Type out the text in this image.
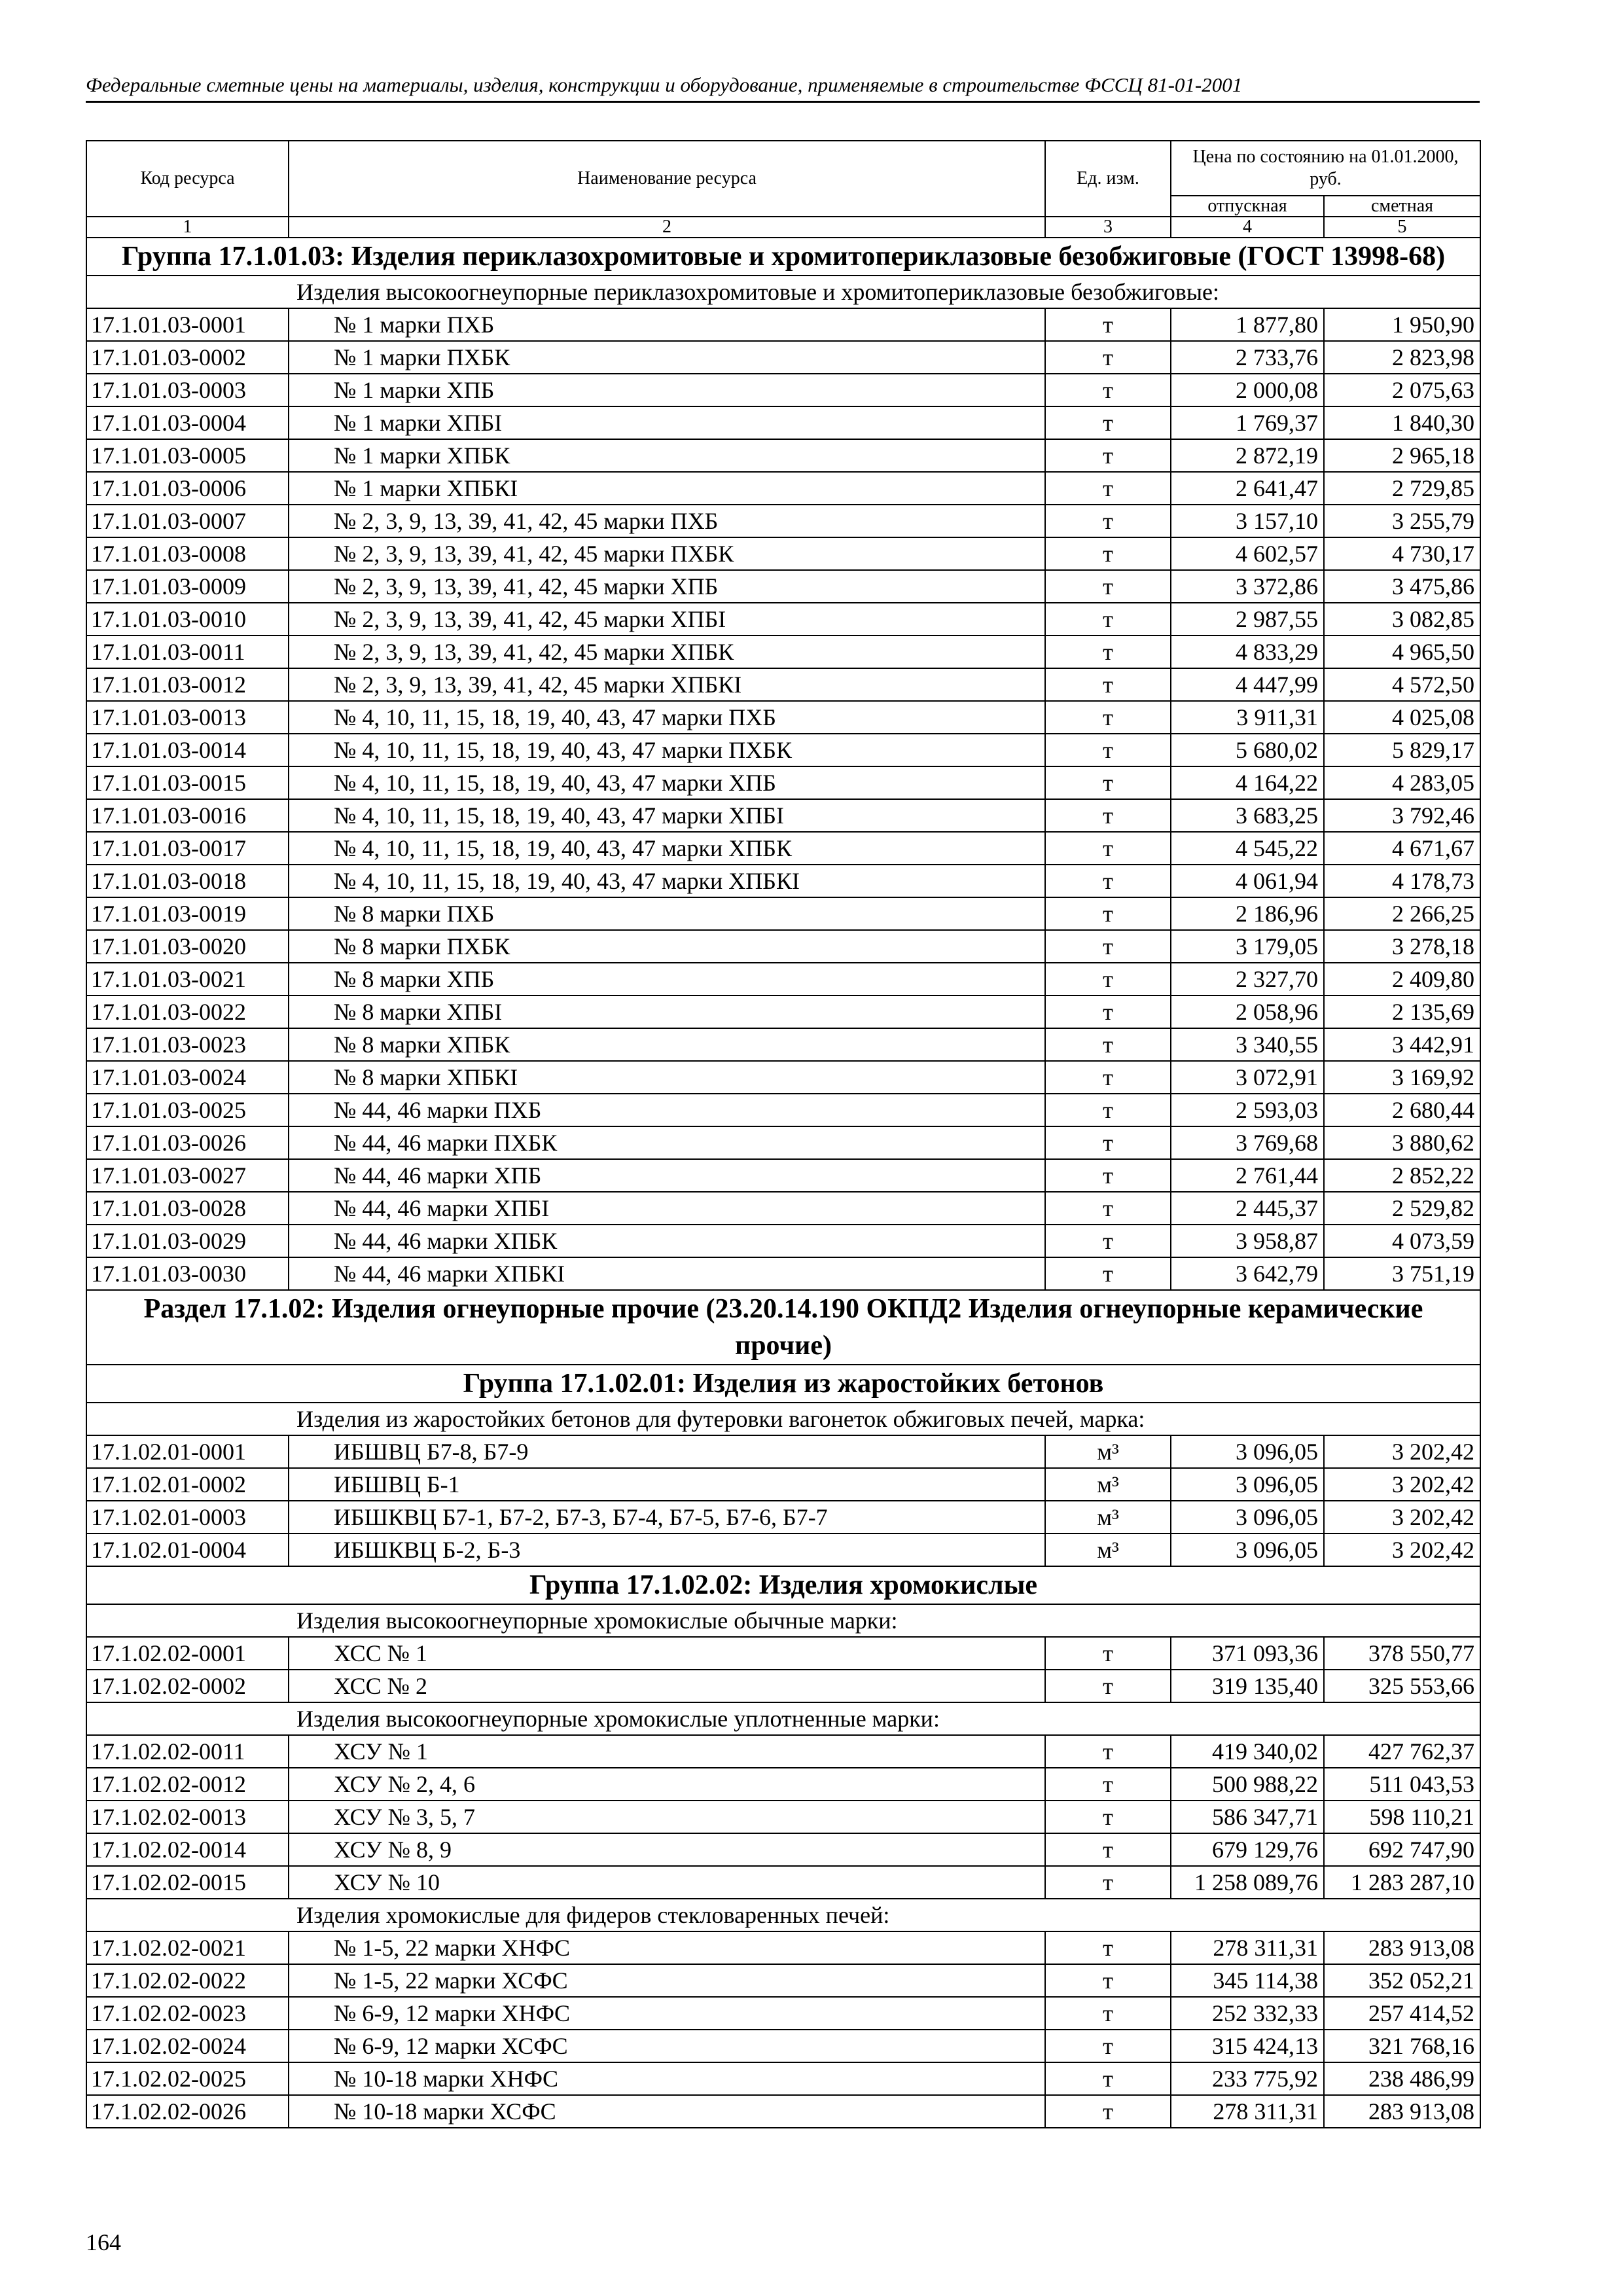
Федеральные сметные цены на материалы, изделия, конструкции и оборудование, применяемые в строительстве ФССЦ 81-01-2001
Код ресурса	Наименование ресурса	Ед. изм.	Цена по состоянию на 01.01.2000, руб.	
			отпускная	сметная
1	2	3	4	5
Группа 17.1.01.03: Изделия периклазохромитовые и хромитопериклазовые безобжиговые (ГОСТ 13998-68)				
Изделия высокоогнеупорные периклазохромитовые и хромитопериклазовые безобжиговые:				
17.1.01.03-0001	№ 1 марки ПХБ	т	1 877,80	1 950,90
17.1.01.03-0002	№ 1 марки ПХБК	т	2 733,76	2 823,98
17.1.01.03-0003	№ 1 марки ХПБ	т	2 000,08	2 075,63
17.1.01.03-0004	№ 1 марки ХПБI	т	1 769,37	1 840,30
17.1.01.03-0005	№ 1 марки ХПБК	т	2 872,19	2 965,18
17.1.01.03-0006	№ 1 марки ХПБКI	т	2 641,47	2 729,85
17.1.01.03-0007	№ 2, 3, 9, 13, 39, 41, 42, 45 марки ПХБ	т	3 157,10	3 255,79
17.1.01.03-0008	№ 2, 3, 9, 13, 39, 41, 42, 45 марки ПХБК	т	4 602,57	4 730,17
17.1.01.03-0009	№ 2, 3, 9, 13, 39, 41, 42, 45 марки ХПБ	т	3 372,86	3 475,86
17.1.01.03-0010	№ 2, 3, 9, 13, 39, 41, 42, 45 марки ХПБI	т	2 987,55	3 082,85
17.1.01.03-0011	№ 2, 3, 9, 13, 39, 41, 42, 45 марки ХПБК	т	4 833,29	4 965,50
17.1.01.03-0012	№ 2, 3, 9, 13, 39, 41, 42, 45 марки ХПБКI	т	4 447,99	4 572,50
17.1.01.03-0013	№ 4, 10, 11, 15, 18, 19, 40, 43, 47 марки ПХБ	т	3 911,31	4 025,08
17.1.01.03-0014	№ 4, 10, 11, 15, 18, 19, 40, 43, 47 марки ПХБК	т	5 680,02	5 829,17
17.1.01.03-0015	№ 4, 10, 11, 15, 18, 19, 40, 43, 47 марки ХПБ	т	4 164,22	4 283,05
17.1.01.03-0016	№ 4, 10, 11, 15, 18, 19, 40, 43, 47 марки ХПБI	т	3 683,25	3 792,46
17.1.01.03-0017	№ 4, 10, 11, 15, 18, 19, 40, 43, 47 марки ХПБК	т	4 545,22	4 671,67
17.1.01.03-0018	№ 4, 10, 11, 15, 18, 19, 40, 43, 47 марки ХПБКI	т	4 061,94	4 178,73
17.1.01.03-0019	№ 8 марки ПХБ	т	2 186,96	2 266,25
17.1.01.03-0020	№ 8 марки ПХБК	т	3 179,05	3 278,18
17.1.01.03-0021	№ 8 марки ХПБ	т	2 327,70	2 409,80
17.1.01.03-0022	№ 8 марки ХПБI	т	2 058,96	2 135,69
17.1.01.03-0023	№ 8 марки ХПБК	т	3 340,55	3 442,91
17.1.01.03-0024	№ 8 марки ХПБКI	т	3 072,91	3 169,92
17.1.01.03-0025	№ 44, 46 марки ПХБ	т	2 593,03	2 680,44
17.1.01.03-0026	№ 44, 46 марки ПХБК	т	3 769,68	3 880,62
17.1.01.03-0027	№ 44, 46 марки ХПБ	т	2 761,44	2 852,22
17.1.01.03-0028	№ 44, 46 марки ХПБI	т	2 445,37	2 529,82
17.1.01.03-0029	№ 44, 46 марки ХПБК	т	3 958,87	4 073,59
17.1.01.03-0030	№ 44, 46 марки ХПБКI	т	3 642,79	3 751,19
Раздел 17.1.02: Изделия огнеупорные прочие (23.20.14.190 ОКПД2 Изделия огнеупорные керамические прочие)				
Группа 17.1.02.01: Изделия из жаростойких бетонов				
Изделия из жаростойких бетонов для футеровки вагонеток обжиговых печей, марка:				
17.1.02.01-0001	ИБШВЦ Б7-8, Б7-9	м³	3 096,05	3 202,42
17.1.02.01-0002	ИБШВЦ Б-1	м³	3 096,05	3 202,42
17.1.02.01-0003	ИБШКВЦ Б7-1, Б7-2, Б7-3, Б7-4, Б7-5, Б7-6, Б7-7	м³	3 096,05	3 202,42
17.1.02.01-0004	ИБШКВЦ Б-2, Б-3	м³	3 096,05	3 202,42
Группа 17.1.02.02: Изделия хромокислые				
Изделия высокоогнеупорные хромокислые обычные марки:				
17.1.02.02-0001	ХСС № 1	т	371 093,36	378 550,77
17.1.02.02-0002	ХСС № 2	т	319 135,40	325 553,66
Изделия высокоогнеупорные хромокислые уплотненные марки:				
17.1.02.02-0011	ХСУ № 1	т	419 340,02	427 762,37
17.1.02.02-0012	ХСУ № 2, 4, 6	т	500 988,22	511 043,53
17.1.02.02-0013	ХСУ № 3, 5, 7	т	586 347,71	598 110,21
17.1.02.02-0014	ХСУ № 8, 9	т	679 129,76	692 747,90
17.1.02.02-0015	ХСУ № 10	т	1 258 089,76	1 283 287,10
Изделия хромокислые для фидеров стекловаренных печей:				
17.1.02.02-0021	№ 1-5, 22 марки ХНФС	т	278 311,31	283 913,08
17.1.02.02-0022	№ 1-5, 22 марки ХСФС	т	345 114,38	352 052,21
17.1.02.02-0023	№ 6-9, 12 марки ХНФС	т	252 332,33	257 414,52
17.1.02.02-0024	№ 6-9, 12 марки ХСФС	т	315 424,13	321 768,16
17.1.02.02-0025	№ 10-18 марки ХНФС	т	233 775,92	238 486,99
17.1.02.02-0026	№ 10-18 марки ХСФС	т	278 311,31	283 913,08
164
